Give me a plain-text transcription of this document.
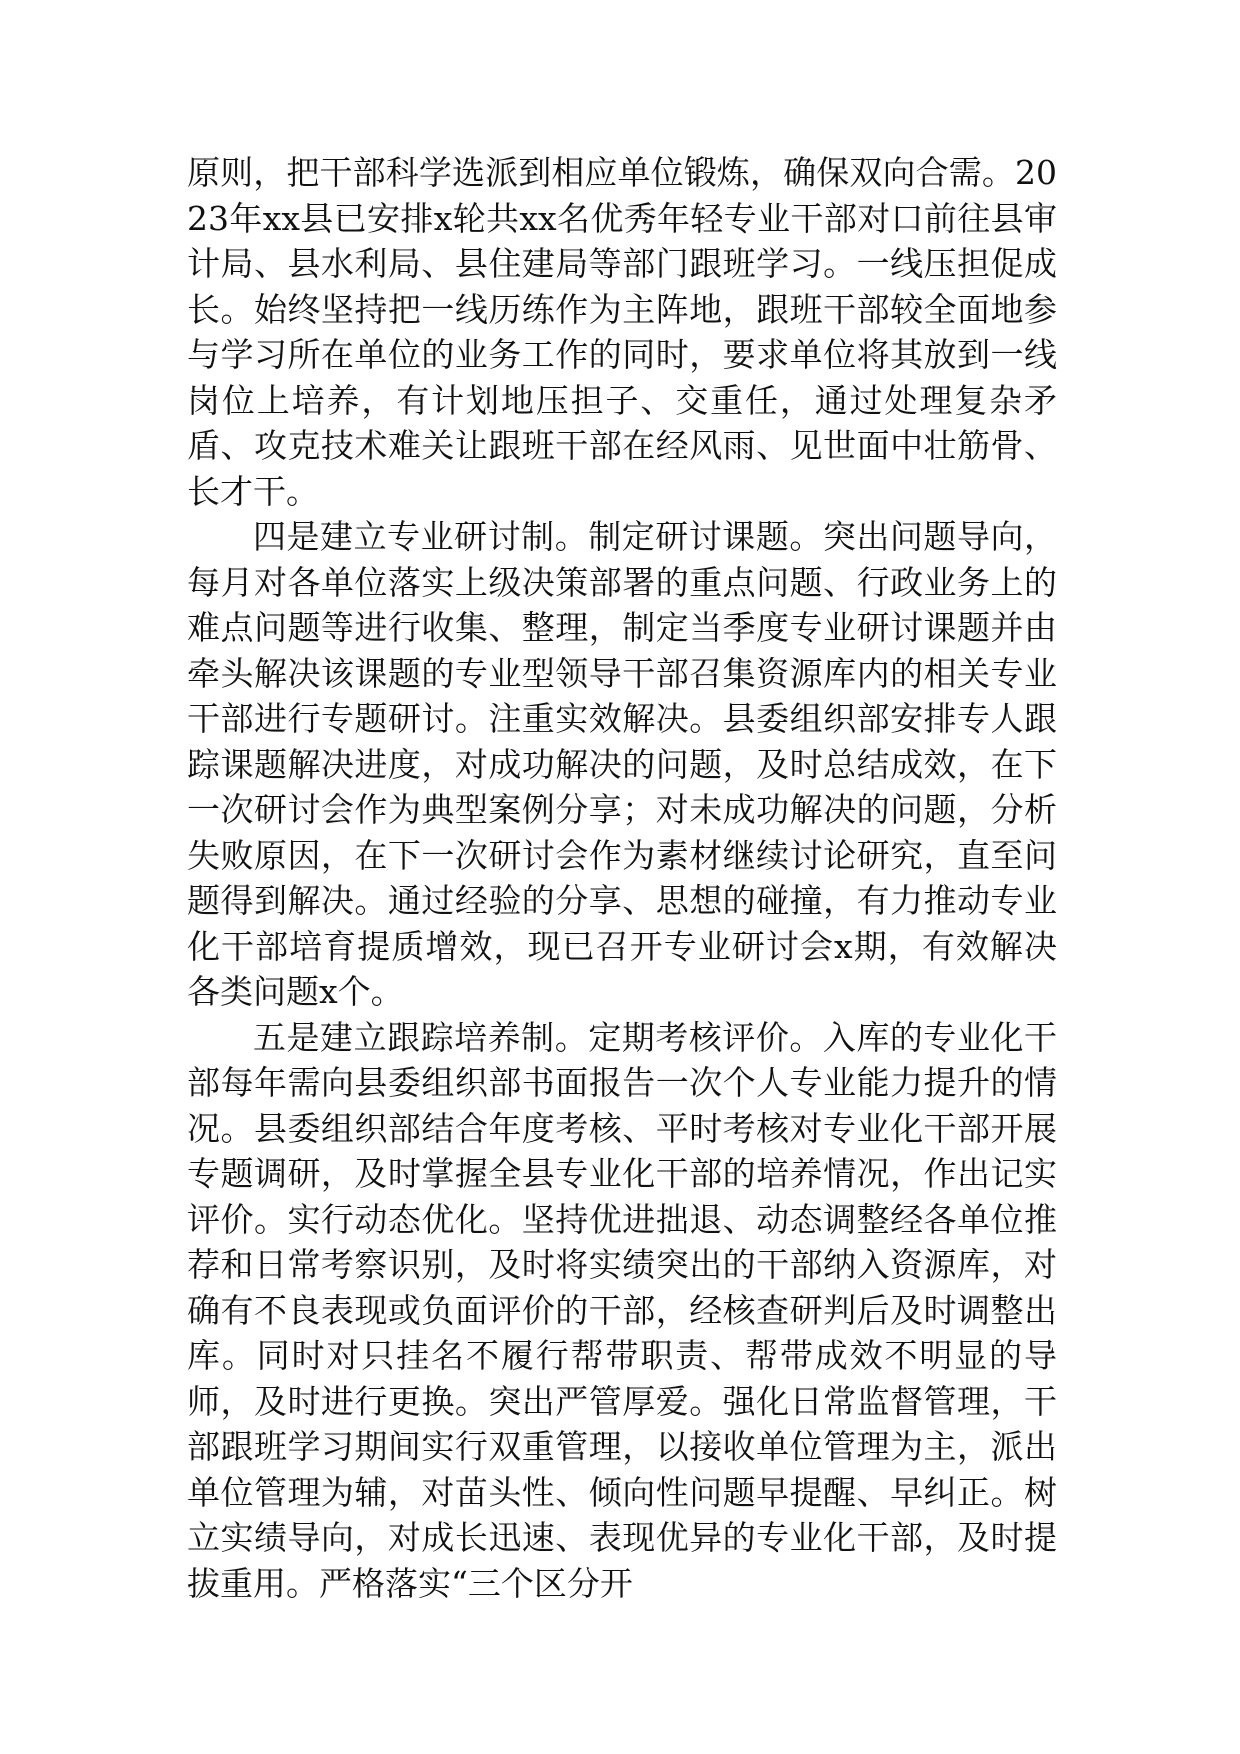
原则，把干部科学选派到相应单位锻炼，确保双向合需。2023年xx县已安排x轮共xx名优秀年轻专业干部对口前往县审计局、县水利局、县住建局等部门跟班学习。一线压担促成长。始终坚持把一线历练作为主阵地，跟班干部较全面地参与学习所在单位的业务工作的同时，要求单位将其放到一线岗位上培养，有计划地压担子、交重任，通过处理复杂矛盾、攻克技术难关让跟班干部在经风雨、见世面中壮筋骨、长才干。

四是建立专业研讨制。制定研讨课题。突出问题导向，每月对各单位落实上级决策部署的重点问题、行政业务上的难点问题等进行收集、整理，制定当季度专业研讨课题并由牵头解决该课题的专业型领导干部召集资源库内的相关专业干部进行专题研讨。注重实效解决。县委组织部安排专人跟踪课题解决进度，对成功解决的问题，及时总结成效，在下一次研讨会作为典型案例分享；对未成功解决的问题，分析失败原因，在下一次研讨会作为素材继续讨论研究，直至问题得到解决。通过经验的分享、思想的碰撞，有力推动专业化干部培育提质增效，现已召开专业研讨会x期，有效解决各类问题x个。

五是建立跟踪培养制。定期考核评价。入库的专业化干部每年需向县委组织部书面报告一次个人专业能力提升的情况。县委组织部结合年度考核、平时考核对专业化干部开展专题调研，及时掌握全县专业化干部的培养情况，作出记实评价。实行动态优化。坚持优进拙退、动态调整经各单位推荐和日常考察识别，及时将实绩突出的干部纳入资源库，对确有不良表现或负面评价的干部，经核查研判后及时调整出库。同时对只挂名不履行帮带职责、帮带成效不明显的导师，及时进行更换。突出严管厚爱。强化日常监督管理，干部跟班学习期间实行双重管理，以接收单位管理为主，派出单位管理为辅，对苗头性、倾向性问题早提醒、早纠正。树立实绩导向，对成长迅速、表现优异的专业化干部，及时提拔重用。严格落实“三个区分开
